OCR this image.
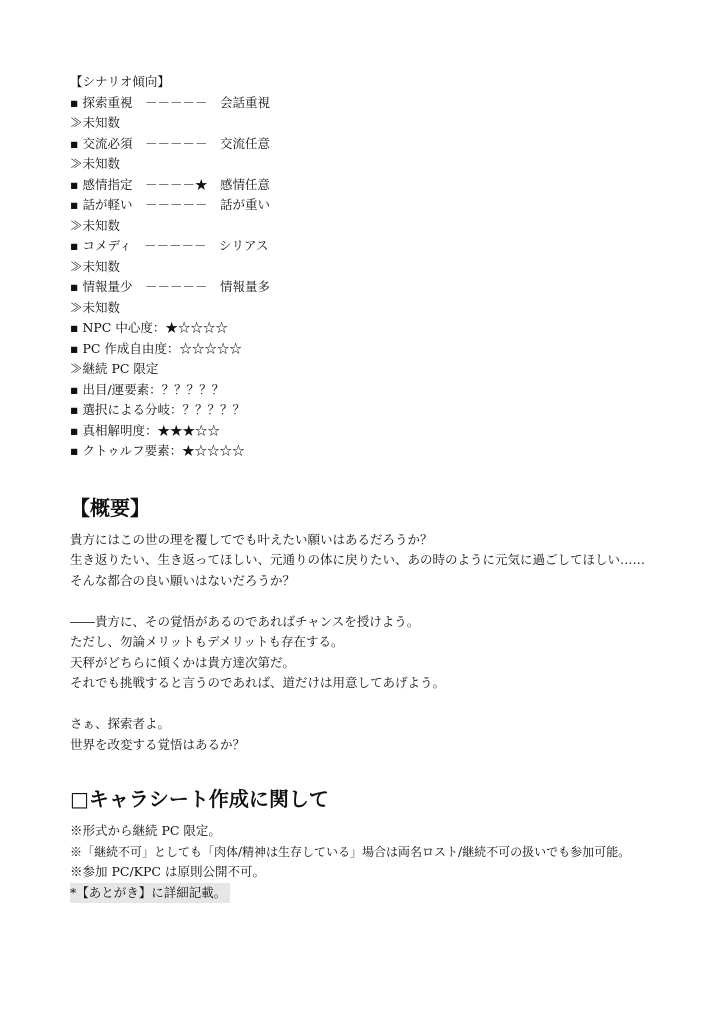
【シナリオ傾向】
▪ 探索重視　－－－－－　会話重視
≫未知数
▪ 交流必須　－－－－－　交流任意
≫未知数
▪ 感情指定　－－－－★　感情任意
▪ 話が軽い　－－－－－　話が重い
≫未知数
▪ コメディ　－－－－－　シリアス
≫未知数
▪ 情報量少　－－－－－　情報量多
≫未知数
▪ NPC 中心度：★☆☆☆☆
▪ PC 作成自由度：☆☆☆☆☆
≫継続 PC 限定
▪ 出目/運要素：？？？？？
▪ 選択による分岐：？？？？？
▪ 真相解明度：★★★☆☆
▪ クトゥルフ要素：★☆☆☆☆
【概要】
貴方にはこの世の理を覆してでも叶えたい願いはあるだろうか？
生き返りたい、生き返ってほしい、元通りの体に戻りたい、あの時のように元気に過ごしてほしい……
そんな都合の良い願いはないだろうか？
――貴方に、その覚悟があるのであればチャンスを授けよう。
ただし、勿論メリットもデメリットも存在する。
天秤がどちらに傾くかは貴方達次第だ。
それでも挑戦すると言うのであれば、道だけは用意してあげよう。
さぁ、探索者よ。
世界を改変する覚悟はあるか？
□キャラシート作成に関して
※形式から継続 PC 限定。
※「継続不可」としても「肉体/精神は生存している」場合は両名ロスト/継続不可の扱いでも参加可能。
※参加 PC/KPC は原則公開不可。
*【あとがき】に詳細記載。
